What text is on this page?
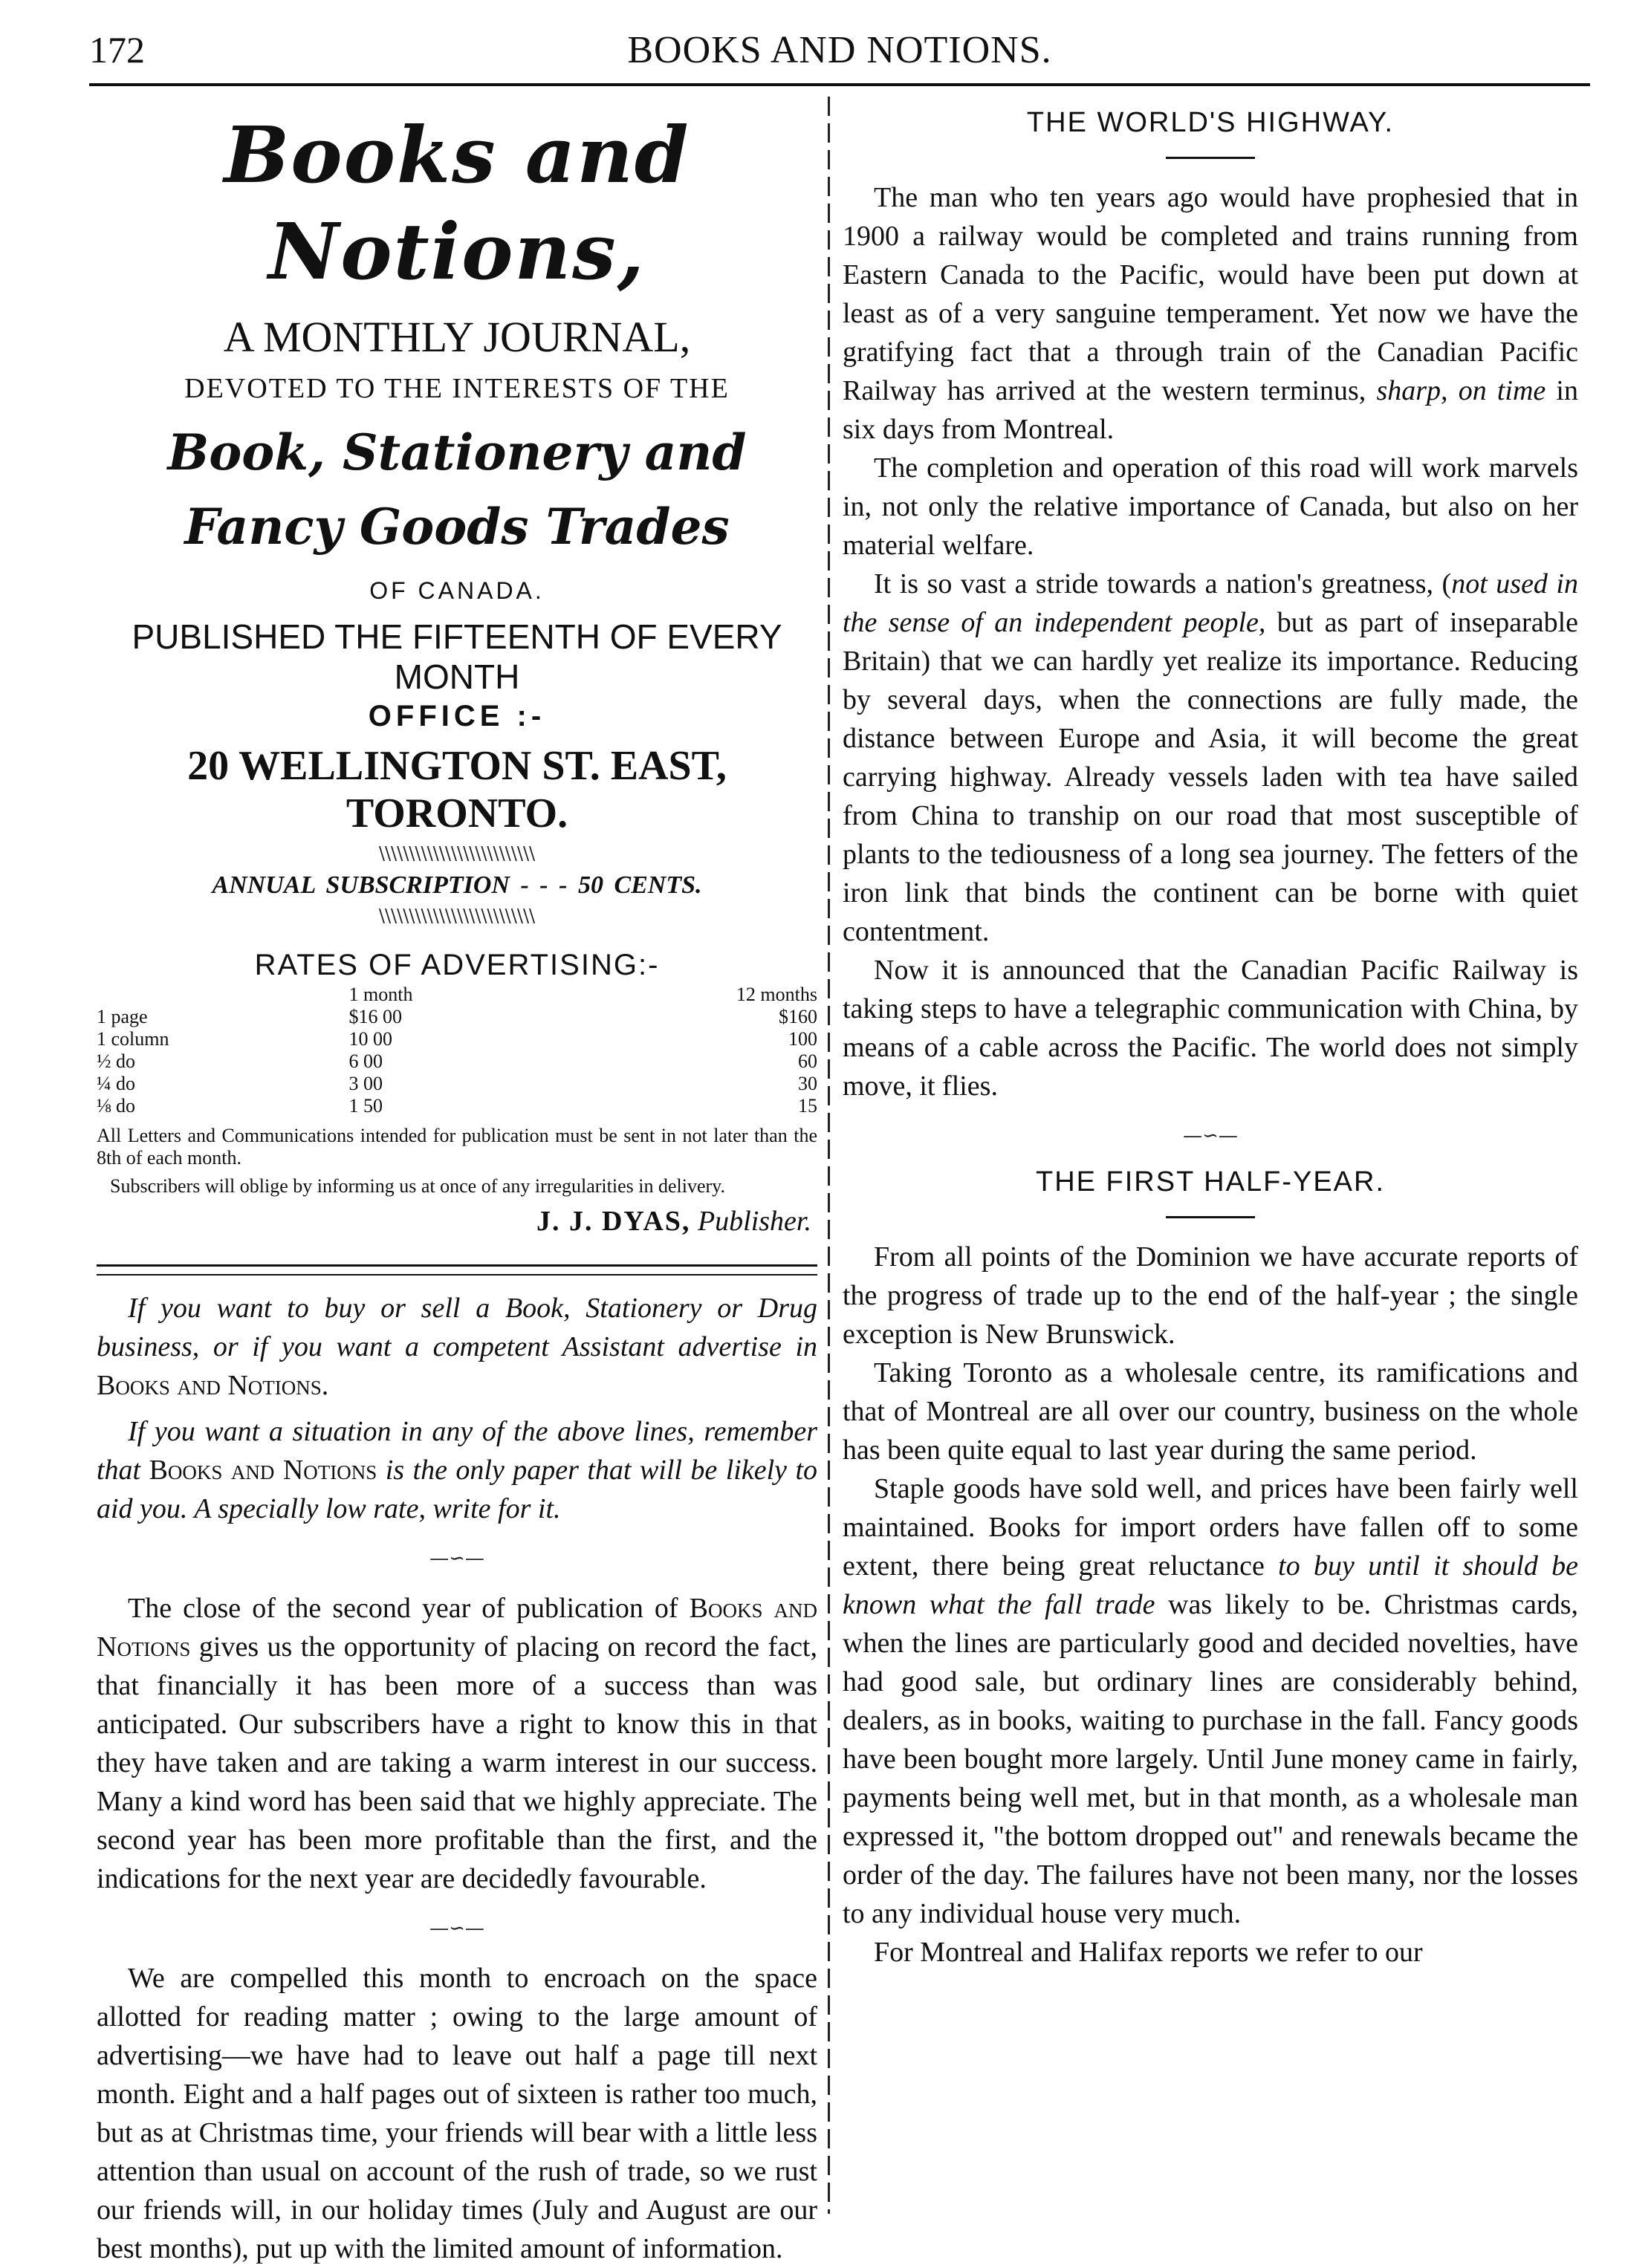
172	BOOKS AND NOTIONS.
Books and Notions,
A MONTHLY JOURNAL,
DEVOTED TO THE INTERESTS OF THE
Book, Stationery and Fancy Goods Trades
OF CANADA.
PUBLISHED THE FIFTEENTH OF EVERY MONTH
OFFICE :-
20 WELLINGTON ST. EAST, TORONTO.
\\\\\\\\\\\\\\\\\\\\\\\\\\
ANNUAL SUBSCRIPTION - - - 50 CENTS.
\\\\\\\\\\\\\\\\\\\\\\\\\\
RATES OF ADVERTISING:-
	1 month	12 months
1 page	$16 00	$160
1 column	10 00	100
½ do	6 00	60
¼ do	3 00	30
⅛ do	1 50	15
All Letters and Communications intended for publication must be sent in not later than the 8th of each month.
Subscribers will oblige by informing us at once of any irregularities in delivery.
J. J. DYAS, Publisher.

If you want to buy or sell a Book, Stationery or Drug business, or if you want a competent Assistant advertise in Books and Notions.

If you want a situation in any of the above lines, remember that Books and Notions is the only paper that will be likely to aid you. A specially low rate, write for it.

—∽—

The close of the second year of publication of Books and Notions gives us the opportunity of placing on record the fact, that financially it has been more of a success than was anticipated. Our subscribers have a right to know this in that they have taken and are taking a warm interest in our success. Many a kind word has been said that we highly appreciate. The second year has been more profitable than the first, and the indications for the next year are decidedly favourable.

—∽—

We are compelled this month to encroach on the space allotted for reading matter ; owing to the large amount of advertising—we have had to leave out half a page till next month. Eight and a half pages out of sixteen is rather too much, but as at Christmas time, your friends will bear with a little less attention than usual on account of the rush of trade, so we rust our friends will, in our holiday times (July and August are our best months), put up with the limited amount of information.

THE WORLD'S HIGHWAY.

The man who ten years ago would have prophesied that in 1900 a railway would be completed and trains running from Eastern Canada to the Pacific, would have been put down at least as of a very sanguine temperament. Yet now we have the gratifying fact that a through train of the Canadian Pacific Railway has arrived at the western terminus, sharp, on time in six days from Montreal.

The completion and operation of this road will work marvels in, not only the relative importance of Canada, but also on her material welfare.

It is so vast a stride towards a nation's greatness, (not used in the sense of an independent people, but as part of inseparable Britain) that we can hardly yet realize its importance. Reducing by several days, when the connections are fully made, the distance between Europe and Asia, it will become the great carrying highway. Already vessels laden with tea have sailed from China to tranship on our road that most susceptible of plants to the tediousness of a long sea journey. The fetters of the iron link that binds the continent can be borne with quiet contentment.

Now it is announced that the Canadian Pacific Railway is taking steps to have a telegraphic communication with China, by means of a cable across the Pacific. The world does not simply move, it flies.

—∽—
THE FIRST HALF-YEAR.

From all points of the Dominion we have accurate reports of the progress of trade up to the end of the half-year ; the single exception is New Brunswick.

Taking Toronto as a wholesale centre, its ramifications and that of Montreal are all over our country, business on the whole has been quite equal to last year during the same period.

Staple goods have sold well, and prices have been fairly well maintained. Books for import orders have fallen off to some extent, there being great reluctance to buy until it should be known what the fall trade was likely to be. Christmas cards, when the lines are particularly good and decided novelties, have had good sale, but ordinary lines are considerably behind, dealers, as in books, waiting to purchase in the fall. Fancy goods have been bought more largely. Until June money came in fairly, payments being well met, but in that month, as a wholesale man expressed it, "the bottom dropped out" and renewals became the order of the day. The failures have not been many, nor the losses to any individual house very much.

For Montreal and Halifax reports we refer to our
